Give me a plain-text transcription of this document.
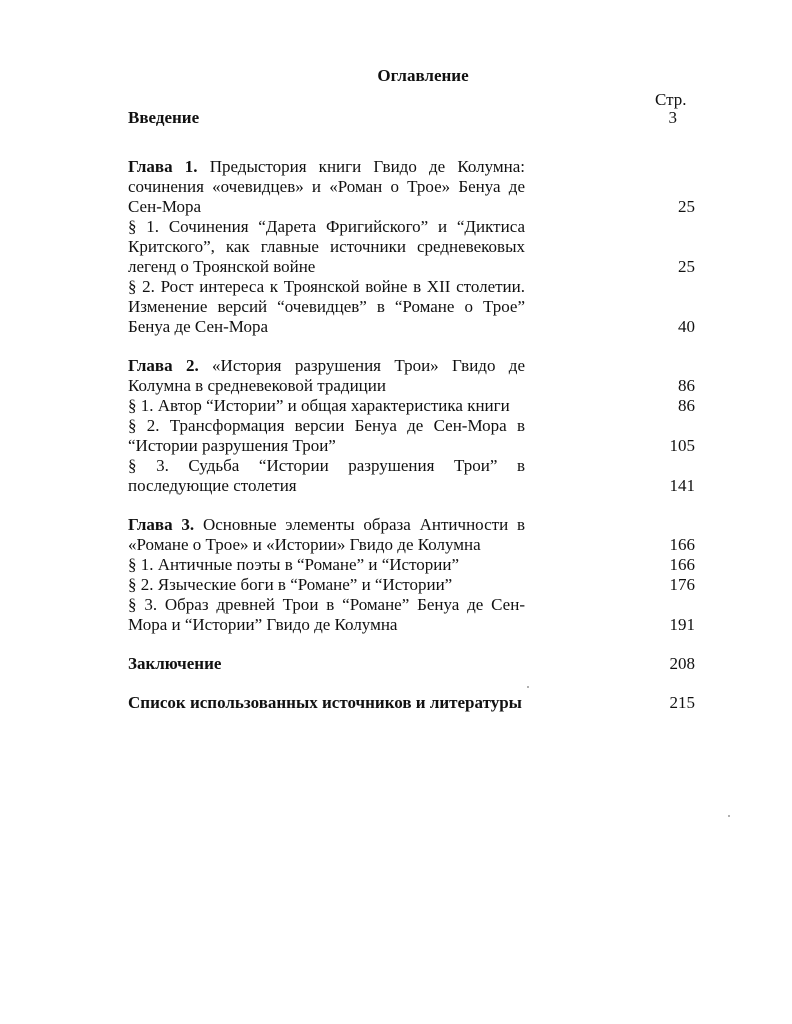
Оглавление
Стр.
Введение	3
Глава 1. Предыстория книги Гвидо де Колумна: сочинения «очевидцев» и «Роман о Трое» Бенуа де Сен-Мора	25
§ 1. Сочинения “Дарета Фригийского” и “Диктиса Критского”, как главные источники средневековых легенд о Троянской войне	25
§ 2. Рост интереса к Троянской войне в XII столетии. Изменение версий “очевидцев” в “Романе о Трое” Бенуа де Сен-Мора	40
Глава 2. «История разрушения Трои» Гвидо де Колумна в средневековой традиции	86
§ 1. Автор “Истории” и общая характеристика книги	86
§ 2. Трансформация версии Бенуа де Сен-Мора в “Истории разрушения Трои”	105
§ 3. Судьба “Истории разрушения Трои” в последующие столетия	141
Глава 3. Основные элементы образа Античности в «Романе о Трое» и «Истории» Гвидо де Колумна	166
§ 1. Античные поэты в “Романе” и “Истории”	166
§ 2. Языческие боги в “Романе” и “Истории”	176
§ 3. Образ древней Трои в “Романе” Бенуа де Сен-Мора и “Истории” Гвидо де Колумна	191
Заключение	208
Список использованных источников и литературы	215
